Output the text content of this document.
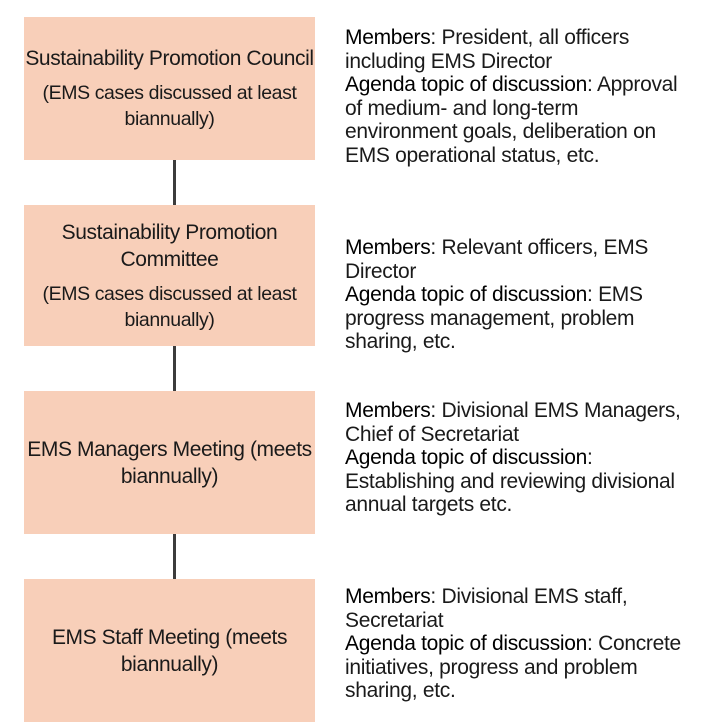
Sustainability Promotion Council
(EMS cases discussed at least biannually)
Sustainability Promotion Committee
(EMS cases discussed at least biannually)
EMS Managers Meeting (meets biannually)
EMS Staff Meeting (meets biannually)

Members: President, all officers including EMS Director

Agenda topic of discussion: Approval of medium- and long-term environment goals, deliberation on EMS operational status, etc.

Members: Relevant officers, EMS Director

Agenda topic of discussion: EMS progress management, problem sharing, etc.

Members: Divisional EMS Managers, Chief of Secretariat

Agenda topic of discussion: Establishing and reviewing divisional annual targets etc.

Members: Divisional EMS staff, Secretariat

Agenda topic of discussion: Concrete initiatives, progress and problem sharing, etc.
